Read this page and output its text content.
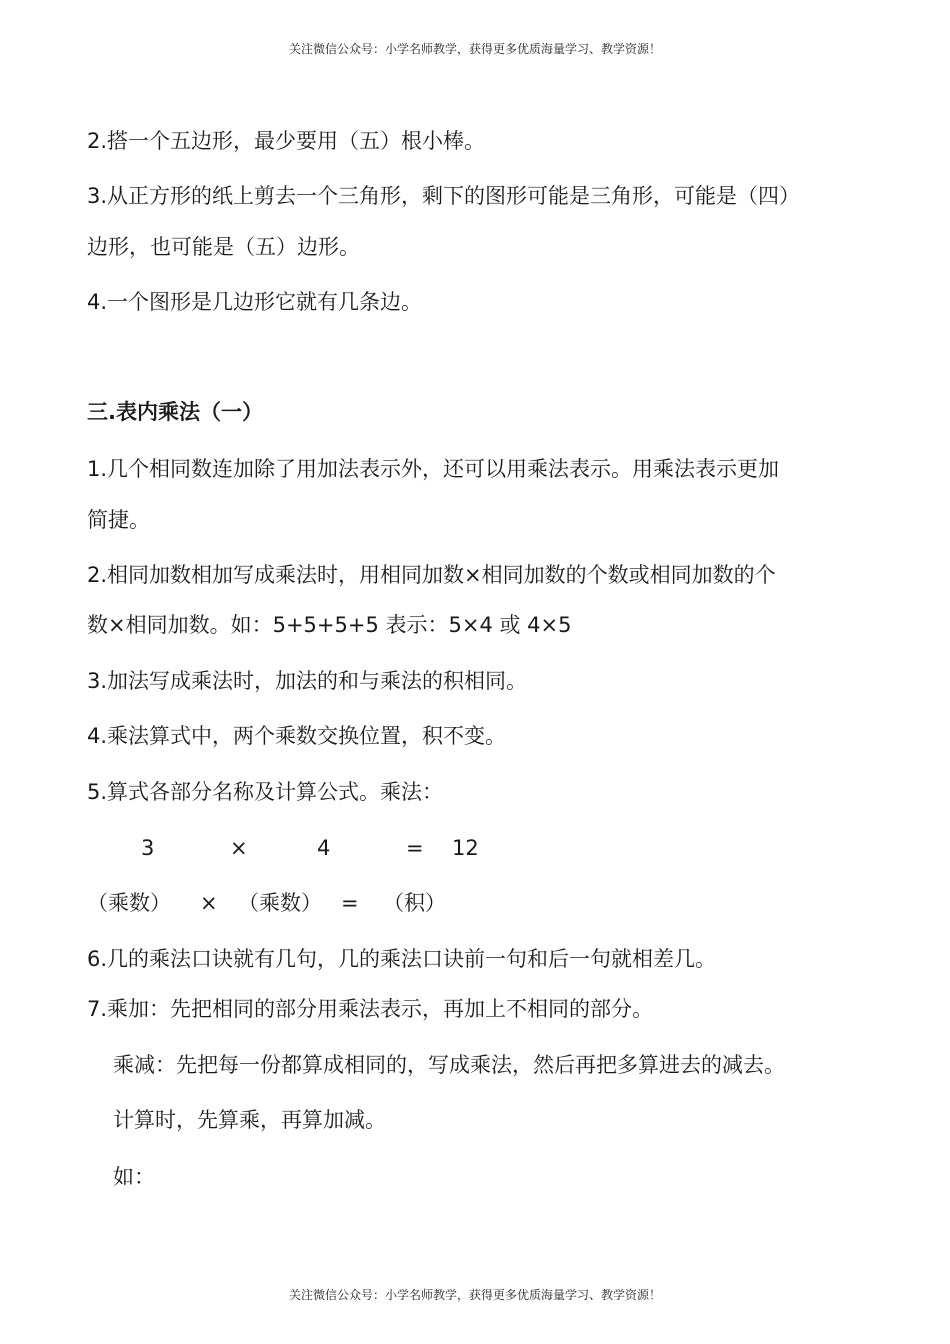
关注微信公众号：小学名师教学，获得更多优质海量学习、教学资源！
2.搭一个五边形，最少要用（五）根小棒。
3.从正方形的纸上剪去一个三角形，剩下的图形可能是三角形，可能是（四）
边形，也可能是（五）边形。
4.一个图形是几边形它就有几条边。
三.表内乘法（一）
1.几个相同数连加除了用加法表示外，还可以用乘法表示。用乘法表示更加
简捷。
2.相同加数相加写成乘法时，用相同加数×相同加数的个数或相同加数的个
数×相同加数。如：5+5+5+5 表示：5×4 或 4×5
3.加法写成乘法时，加法的和与乘法的积相同。
4.乘法算式中，两个乘数交换位置，积不变。
5.算式各部分名称及计算公式。乘法：
3	×	4	= 12
（乘数） × （乘数） = （积）
6.几的乘法口诀就有几句，几的乘法口诀前一句和后一句就相差几。
7.乘加：先把相同的部分用乘法表示，再加上不相同的部分。
乘减：先把每一份都算成相同的，写成乘法，然后再把多算进去的减去。
计算时，先算乘，再算加减。
如：
关注微信公众号：小学名师教学，获得更多优质海量学习、教学资源！
